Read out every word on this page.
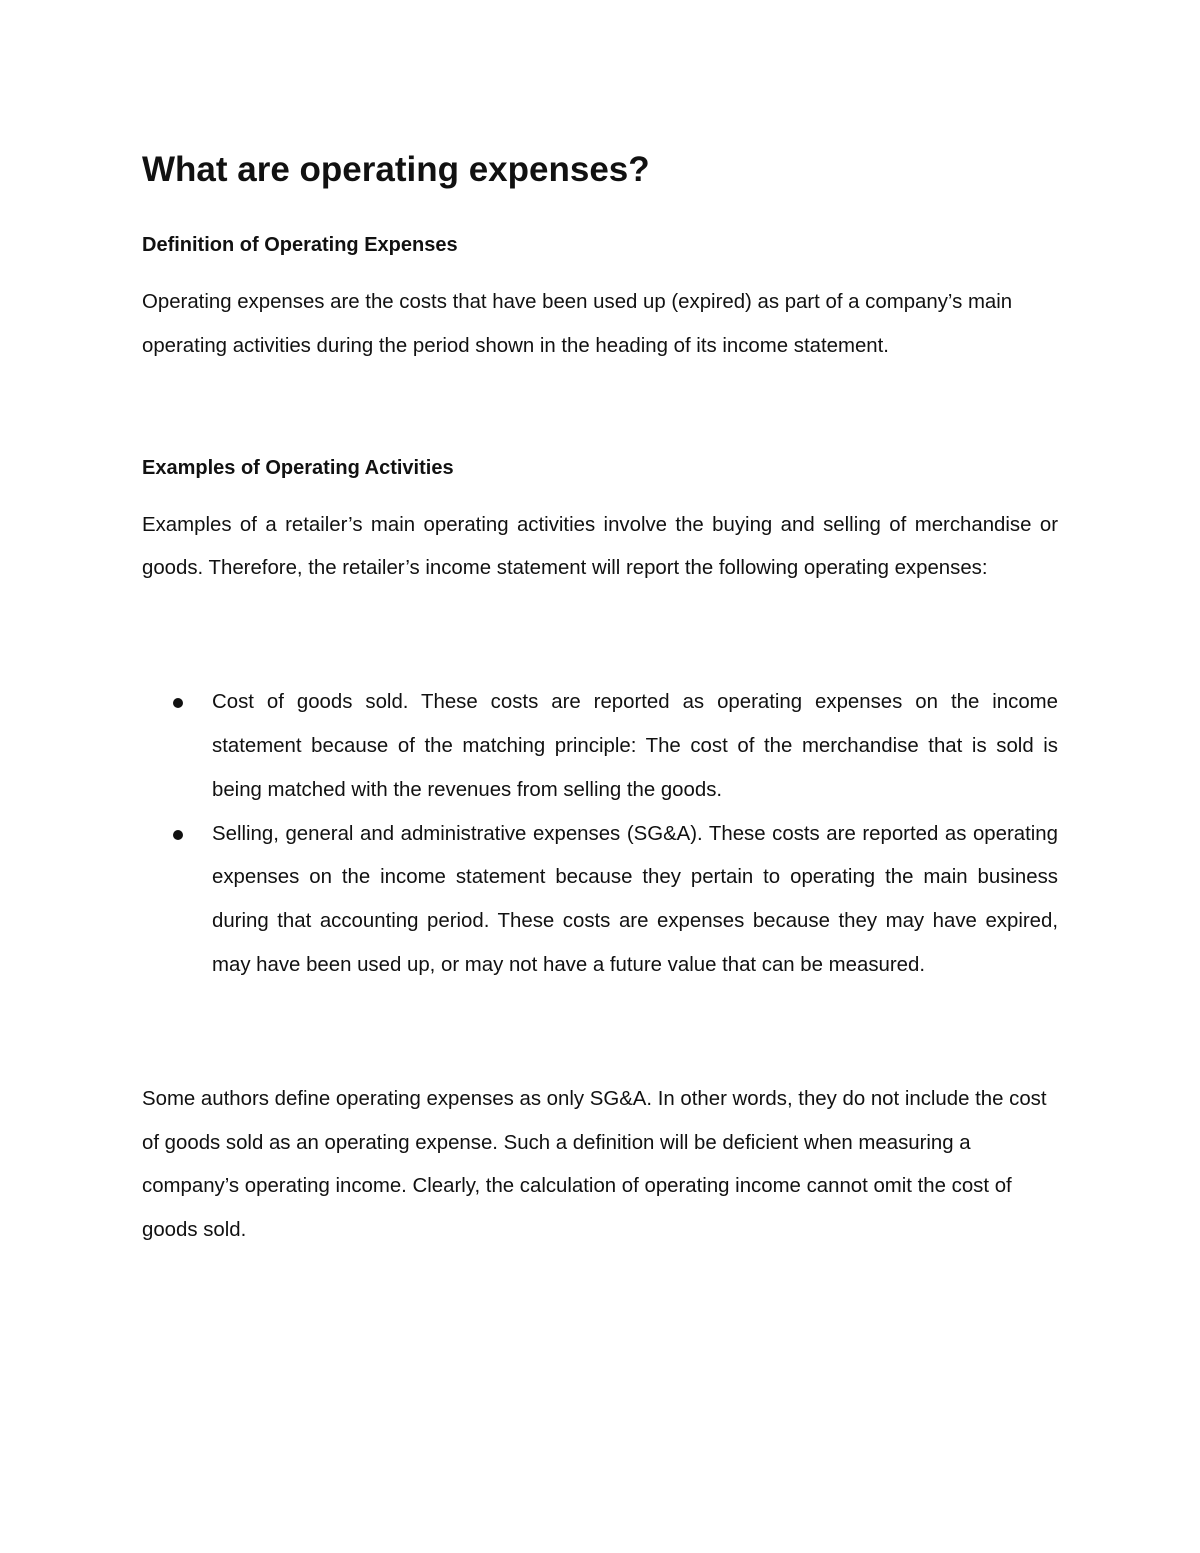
What are operating expenses?
Definition of Operating Expenses

Operating expenses are the costs that have been used up (expired) as part of a company’s main operating activities during the period shown in the heading of its income statement.

Examples of Operating Activities

Examples of a retailer’s main operating activities involve the buying and selling of merchandise or goods. Therefore, the retailer’s income statement will report the following operating expenses:

Cost of goods sold. These costs are reported as operating expenses on the income statement because of the matching principle: The cost of the merchandise that is sold is being matched with the revenues from selling the goods.
Selling, general and administrative expenses (SG&A). These costs are reported as operating expenses on the income statement because they pertain to operating the main business during that accounting period. These costs are expenses because they may have expired, may have been used up, or may not have a future value that can be measured.

Some authors define operating expenses as only SG&A. In other words, they do not include the cost of goods sold as an operating expense. Such a definition will be deficient when measuring a company’s operating income. Clearly, the calculation of operating income cannot omit the cost of goods sold.
